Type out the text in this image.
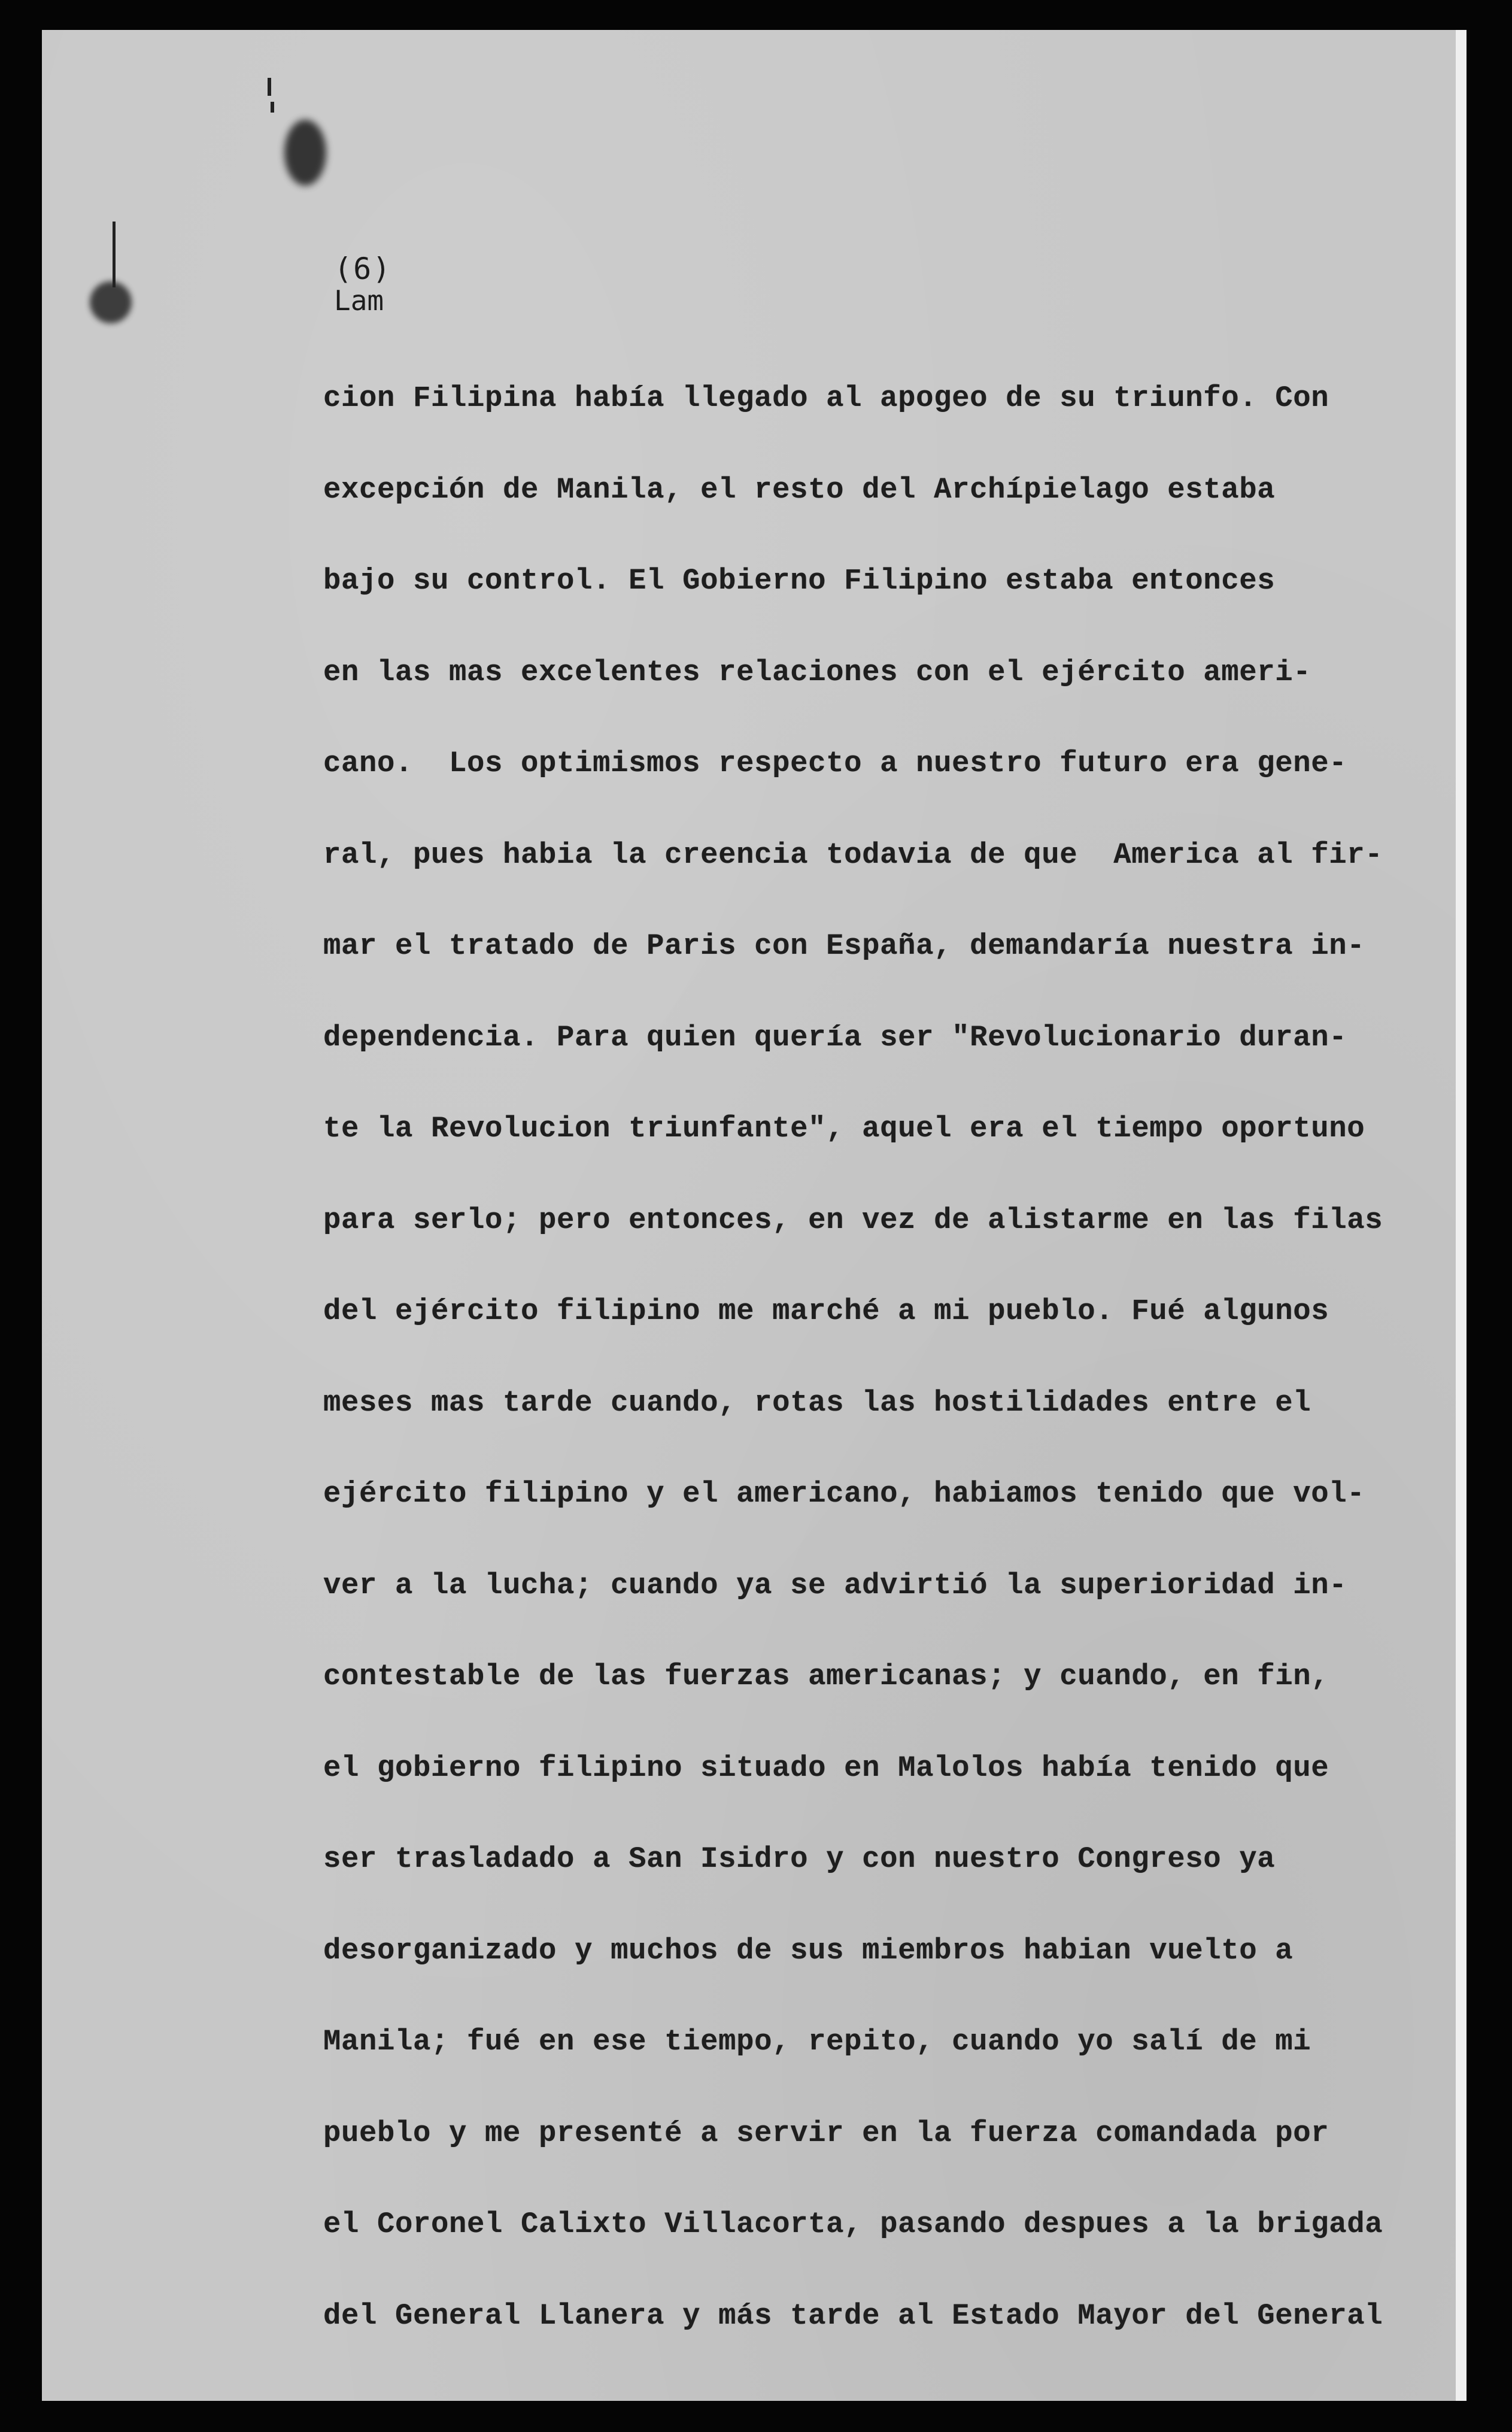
(6)
Lam
cion Filipina había llegado al apogeo de su triunfo. Con
excepción de Manila, el resto del Archípielago estaba
bajo su control. El Gobierno Filipino estaba entonces
en las mas excelentes relaciones con el ejército ameri-
cano.  Los optimismos respecto a nuestro futuro era gene-
ral, pues habia la creencia todavia de que  America al fir-
mar el tratado de Paris con España, demandaría nuestra in-
dependencia. Para quien quería ser "Revolucionario duran-
te la Revolucion triunfante", aquel era el tiempo oportuno
para serlo; pero entonces, en vez de alistarme en las filas
del ejército filipino me marché a mi pueblo. Fué algunos
meses mas tarde cuando, rotas las hostilidades entre el
ejército filipino y el americano, habiamos tenido que vol-
ver a la lucha; cuando ya se advirtió la superioridad in-
contestable de las fuerzas americanas; y cuando, en fin,
el gobierno filipino situado en Malolos había tenido que
ser trasladado a San Isidro y con nuestro Congreso ya
desorganizado y muchos de sus miembros habian vuelto a
Manila; fué en ese tiempo, repito, cuando yo salí de mi
pueblo y me presenté a servir en la fuerza comandada por
el Coronel Calixto Villacorta, pasando despues a la brigada
del General Llanera y más tarde al Estado Mayor del General
